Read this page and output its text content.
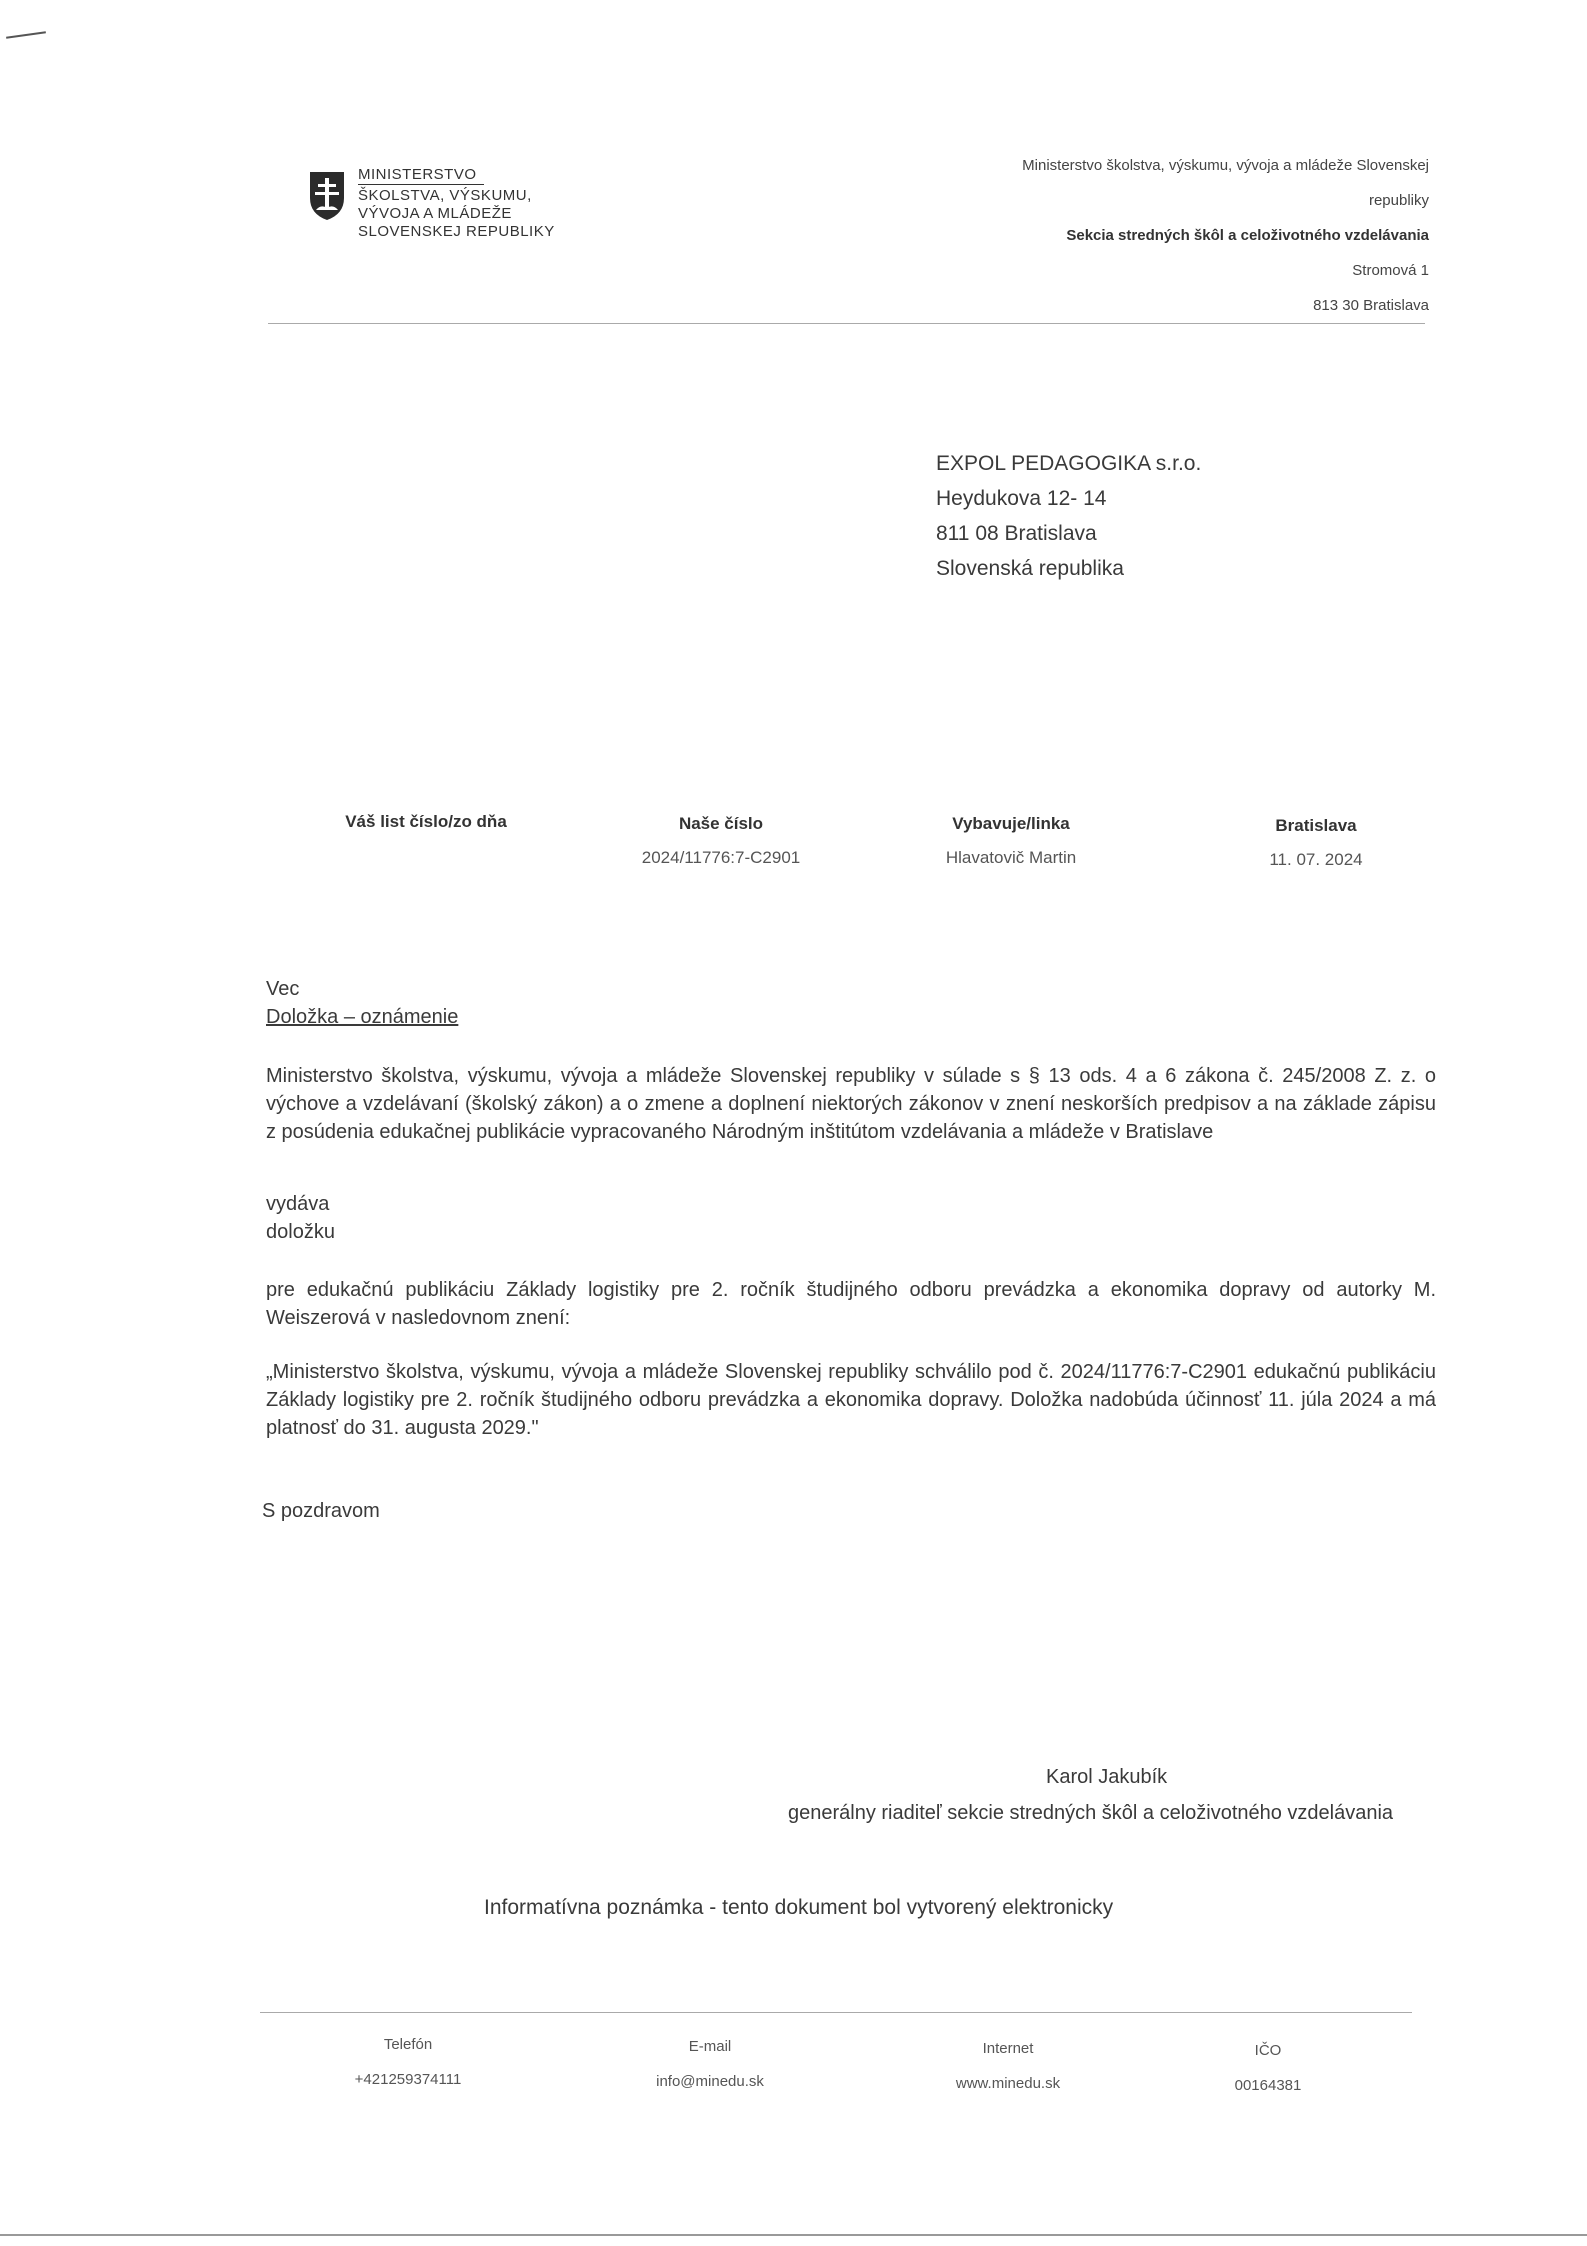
MINISTERSTVO
ŠKOLSTVA, VÝSKUMU,
VÝVOJA A MLÁDEŽE
SLOVENSKEJ REPUBLIKY
Ministerstvo školstva, výskumu, vývoja a mládeže Slovenskej
republiky
Sekcia stredných škôl a celoživotného vzdelávania
Stromová 1
813 30 Bratislava
EXPOL PEDAGOGIKA s.r.o.
Heydukova 12- 14
811 08 Bratislava
Slovenská republika
Váš list číslo/zo dňa	Naše číslo
2024/11776:7-C2901
Vybavuje/linka
Hlavatovič Martin
Bratislava
11. 07. 2024
Vec
Doložka – oznámenie
Ministerstvo školstva, výskumu, vývoja a mládeže Slovenskej republiky v súlade s § 13 ods. 4 a 6 zákona č. 245/2008 Z. z. o výchove a vzdelávaní (školský zákon) a o zmene a doplnení niektorých zákonov v znení neskorších predpisov a na základe zápisu z posúdenia edukačnej publikácie vypracovaného Národným inštitútom vzdelávania a mládeže v Bratislave
vydáva
doložku
pre edukačnú publikáciu Základy logistiky pre 2. ročník študijného odboru prevádzka a ekonomika dopravy od autorky M. Weiszerová v nasledovnom znení:
„Ministerstvo školstva, výskumu, vývoja a mládeže Slovenskej republiky schválilo pod č. 2024/11776:7-C2901 edukačnú publikáciu Základy logistiky pre 2. ročník študijného odboru prevádzka a ekonomika dopravy. Doložka nadobúda účinnosť 11. júla 2024 a má platnosť do 31. augusta 2029."
S pozdravom
Karol Jakubík
generálny riaditeľ sekcie stredných škôl a celoživotného vzdelávania
Informatívna poznámka - tento dokument bol vytvorený elektronicky
Telefón
+421259374111
E-mail
info@minedu.sk
Internet
www.minedu.sk
IČO
00164381
